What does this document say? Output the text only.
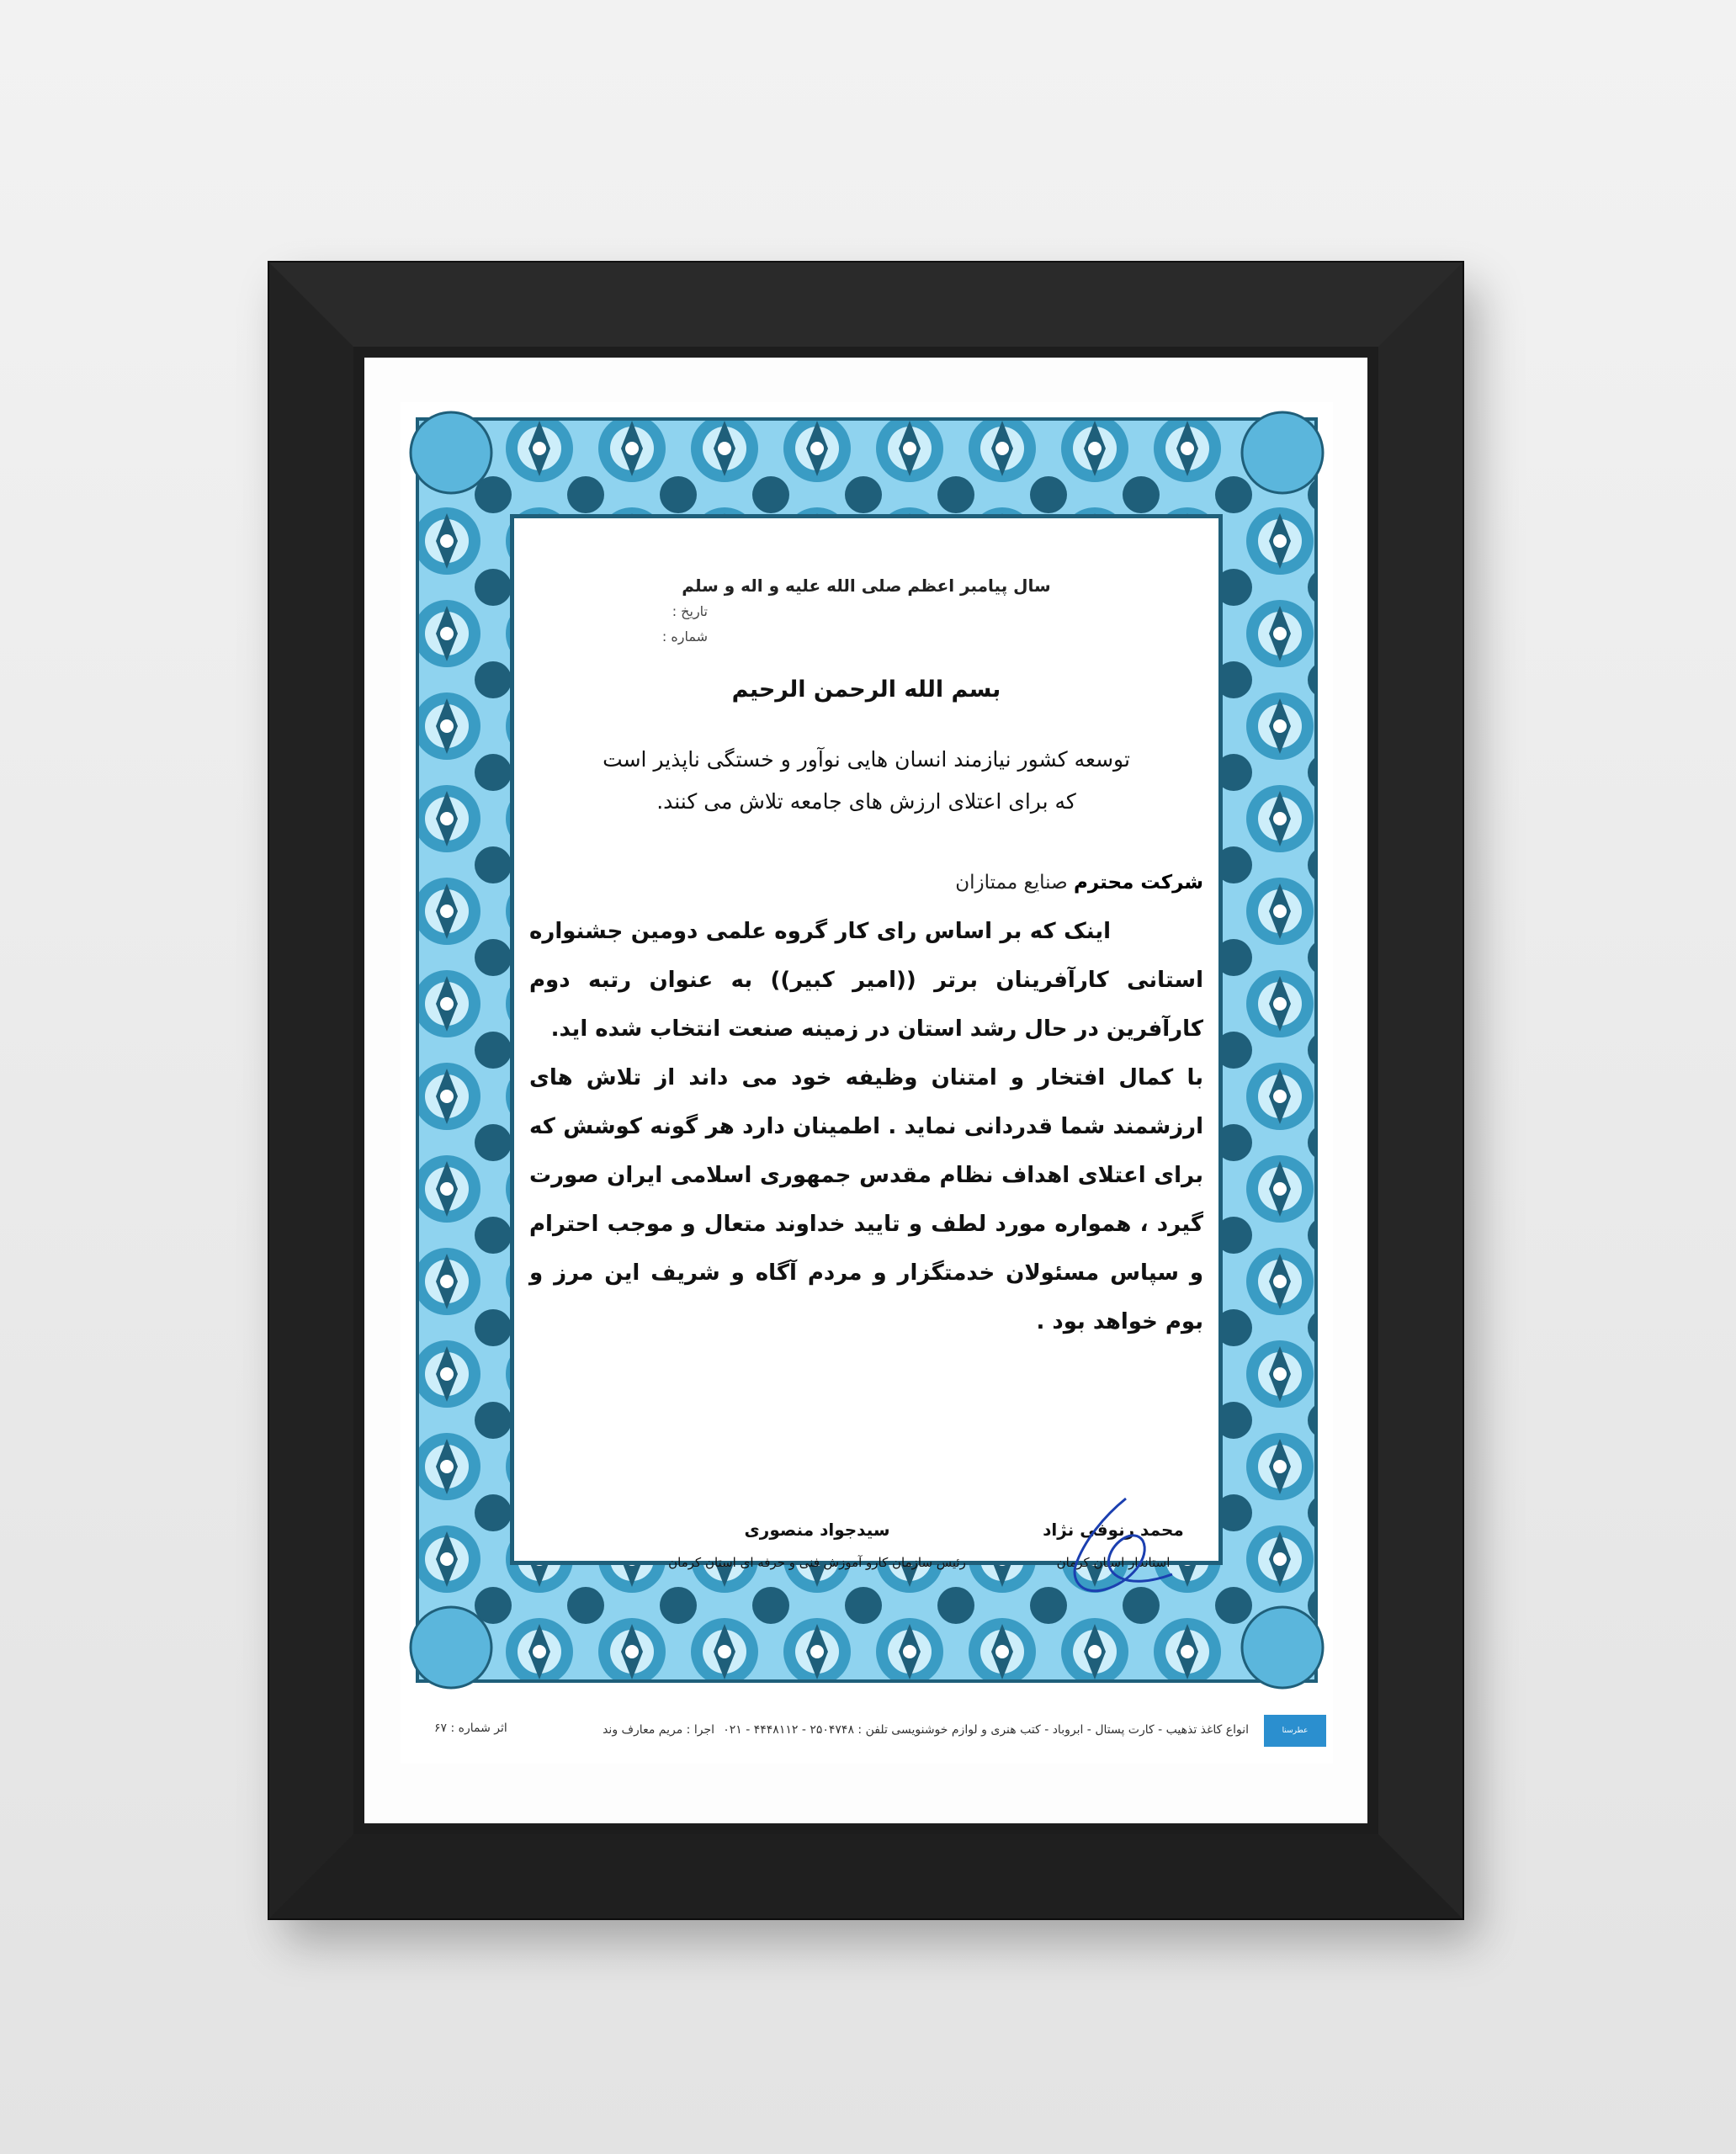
سال پیامبر اعظم صلی الله علیه و اله و سلم
تاریخ :
شماره :
بسم الله الرحمن الرحیم
توسعه کشور نیازمند انسان هایی نوآور و خستگی ناپذیر است
که برای اعتلای ارزش های جامعه تلاش می کنند.
شرکت محترم صنایع ممتازان
اینک که بر اساس رای کار گروه علمی دومین جشنواره استانی کارآفرینان برتر ((امیر کبیر)) به عنوان رتبه دوم کارآفرین در حال رشد استان در زمینه صنعت انتخاب شده اید.
با کمال افتخار و امتنان وظیفه خود می داند از تلاش های ارزشمند شما قدردانی نماید . اطمینان دارد هر گونه کوشش که برای اعتلای اهداف نظام مقدس جمهوری اسلامی ایران صورت گیرد ، همواره مورد لطف و تایید خداوند متعال و موجب احترام و سپاس مسئولان خدمتگزار و مردم آگاه و شریف این مرز و بوم خواهد بود .
محمد رنوفی نژاد
استاندار استان کرمان
سیدجواد منصوری
رئیس سازمان کارو آموزش فنی و حرفه ای استان کرمان
عطرسنا
انواع کاغذ تذهیب - کارت پستال - ابروباد - کتب هنری و لوازم خوشنویسی تلفن : ۲۵۰۴۷۴۸ - ۴۴۴۸۱۱۲ - ۰۲۱
اجرا : مریم معارف وند
اثر شماره : ۶۷
